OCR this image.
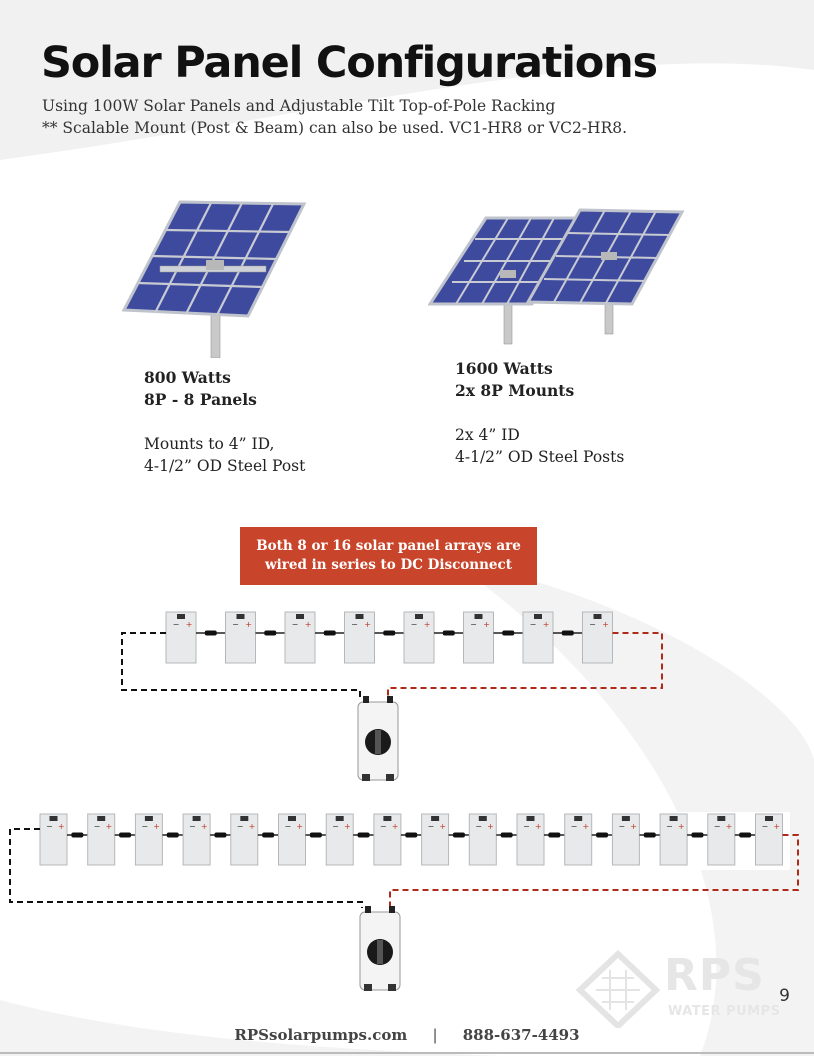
Solar Panel Configurations
Using 100W Solar Panels and Adjustable Tilt Top-of-Pole Racking
** Scalable Mount (Post & Beam) can also be used. VC1-HR8 or VC2-HR8.
800 Watts
8P - 8 Panels
Mounts to 4” ID,
4-1/2” OD Steel Post
1600 Watts
2x 8P Mounts
2x 4” ID
4-1/2” OD Steel Posts
Both 8 or 16 solar panel arrays are
wired in series to DC Disconnect
− +	− +	− +	− +	− +	− +	− +	− +
− +	− +	− +	− +	− +	− +	− +	− +	− +	− +	− +	− +	− +	− +	− +	− +
RPS
WATER PUMPS
9
RPSsolarpumps.com | 888-637-4493
